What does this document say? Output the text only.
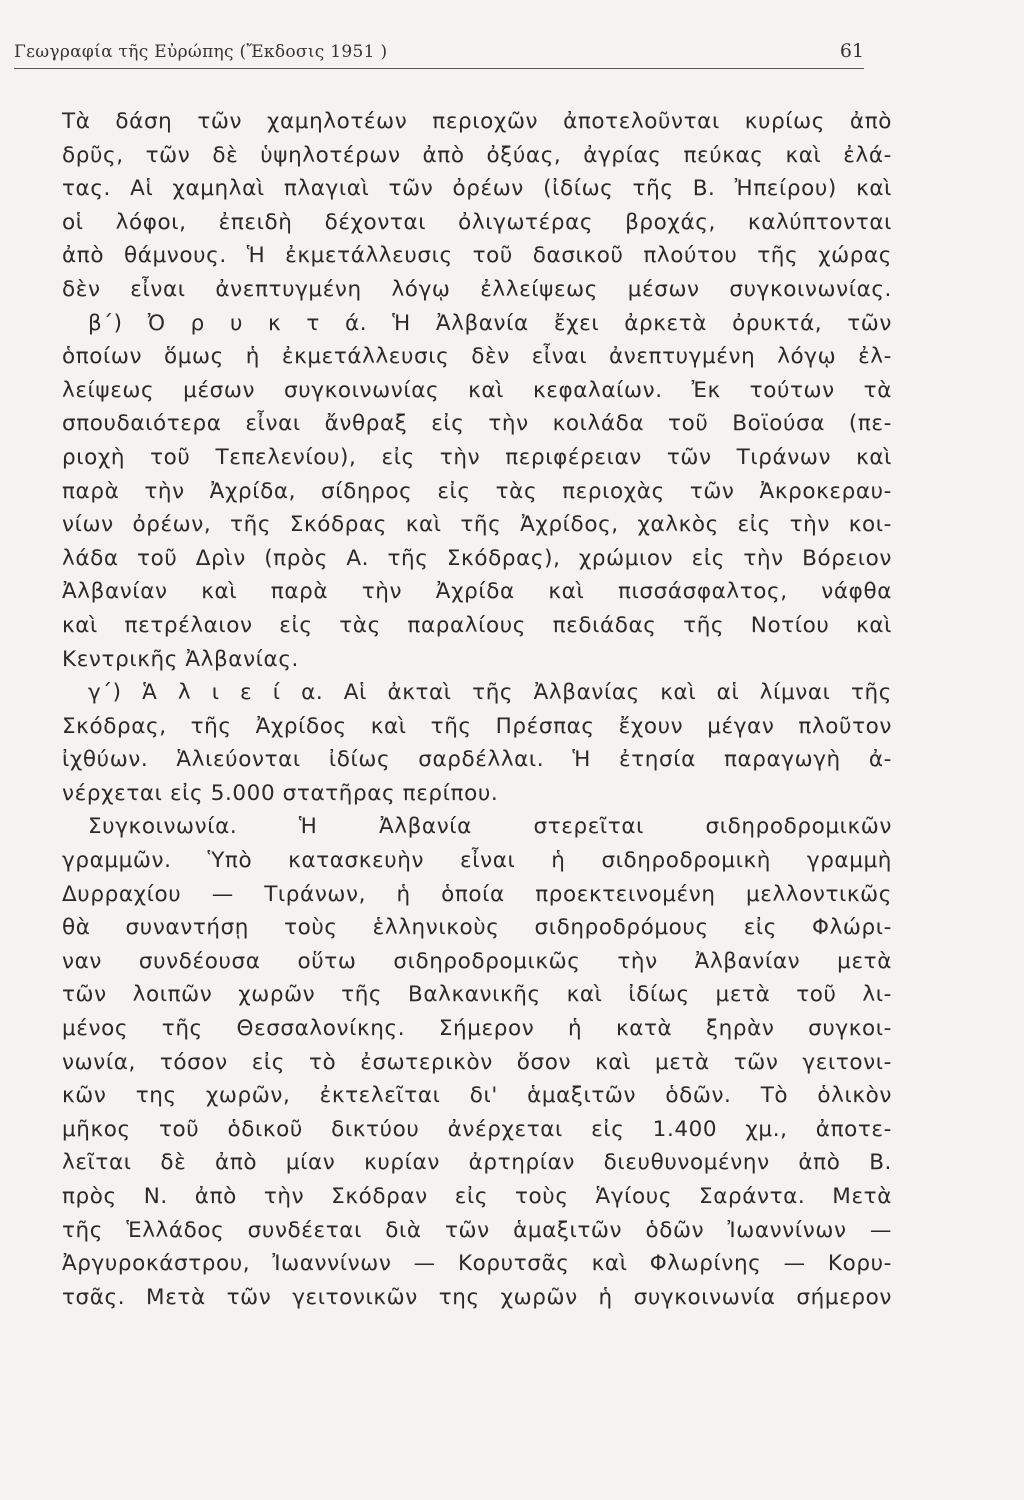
Γεωγραφία τῆς Εὐρώπης (Ἔκδοσις 1951 )	61
Τὰ δάση τῶν χαμηλοτέων περιοχῶν ἀποτελοῦνται κυρίως ἀπὸ
δρῦς, τῶν δὲ ὑψηλοτέρων ἀπὸ ὀξύας, ἀγρίας πεύκας καὶ ἐλά-
τας. Αἱ χαμηλαὶ πλαγιαὶ τῶν ὀρέων (ἰδίως τῆς Β. Ἠπείρου) καὶ
οἱ λόφοι, ἐπειδὴ δέχονται ὀλιγωτέρας βροχάς, καλύπτονται
ἀπὸ θάμνους. Ἡ ἐκμετάλλευσις τοῦ δασικοῦ πλούτου τῆς χώρας
δὲν εἶναι ἀνεπτυγμένη λόγῳ ἐλλείψεως μέσων συγκοινωνίας.
β΄) Ὀ ρ υ κ τ ά. Ἡ Ἀλβανία ἔχει ἀρκετὰ ὀρυκτά, τῶν
ὁποίων ὅμως ἡ ἐκμετάλλευσις δὲν εἶναι ἀνεπτυγμένη λόγῳ ἐλ-
λείψεως μέσων συγκοινωνίας καὶ κεφαλαίων. Ἐκ τούτων τὰ
σπουδαιότερα εἶναι ἄνθραξ εἰς τὴν κοιλάδα τοῦ Βοϊούσα (πε-
ριοχὴ τοῦ Τεπελενίου), εἰς τὴν περιφέρειαν τῶν Τιράνων καὶ
παρὰ τὴν Ἀχρίδα, σίδηρος εἰς τὰς περιοχὰς τῶν Ἀκροκεραυ-
νίων ὀρέων, τῆς Σκόδρας καὶ τῆς Ἀχρίδος, χαλκὸς εἰς τὴν κοι-
λάδα τοῦ Δρὶν (πρὸς Α. τῆς Σκόδρας), χρώμιον εἰς τὴν Βόρειον
Ἀλβανίαν καὶ παρὰ τὴν Ἀχρίδα καὶ πισσάσφαλτος, νάφθα
καὶ πετρέλαιον εἰς τὰς παραλίους πεδιάδας τῆς Νοτίου καὶ
Κεντρικῆς Ἀλβανίας.
γ΄) Ἁ λ ι ε ί α. Αἱ ἀκταὶ τῆς Ἀλβανίας καὶ αἱ λίμναι τῆς
Σκόδρας, τῆς Ἀχρίδος καὶ τῆς Πρέσπας ἔχουν μέγαν πλοῦτον
ἰχθύων. Ἁλιεύονται ἰδίως σαρδέλλαι. Ἡ ἐτησία παραγωγὴ ἀ-
νέρχεται εἰς 5.000 στατῆρας περίπου.
Συγκοινωνία. Ἡ Ἀλβανία στερεῖται σιδηροδρομικῶν
γραμμῶν. Ὑπὸ κατασκευὴν εἶναι ἡ σιδηροδρομικὴ γραμμὴ
Δυρραχίου — Τιράνων, ἡ ὁποία προεκτεινομένη μελλοντικῶς
θὰ συναντήσῃ τοὺς ἑλληνικοὺς σιδηροδρόμους εἰς Φλώρι-
ναν συνδέουσα οὕτω σιδηροδρομικῶς τὴν Ἀλβανίαν μετὰ
τῶν λοιπῶν χωρῶν τῆς Βαλκανικῆς καὶ ἰδίως μετὰ τοῦ λι-
μένος τῆς Θεσσαλονίκης. Σήμερον ἡ κατὰ ξηρὰν συγκοι-
νωνία, τόσον εἰς τὸ ἐσωτερικὸν ὅσον καὶ μετὰ τῶν γειτονι-
κῶν της χωρῶν, ἐκτελεῖται δι' ἁμαξιτῶν ὁδῶν. Τὸ ὁλικὸν
μῆκος τοῦ ὁδικοῦ δικτύου ἀνέρχεται εἰς 1.400 χμ., ἀποτε-
λεῖται δὲ ἀπὸ μίαν κυρίαν ἀρτηρίαν διευθυνομένην ἀπὸ Β.
πρὸς Ν. ἀπὸ τὴν Σκόδραν εἰς τοὺς Ἁγίους Σαράντα. Μετὰ
τῆς Ἑλλάδος συνδέεται διὰ τῶν ἁμαξιτῶν ὁδῶν Ἰωαννίνων —
Ἀργυροκάστρου, Ἰωαννίνων — Κορυτσᾶς καὶ Φλωρίνης — Κορυ-
τσᾶς. Μετὰ τῶν γειτονικῶν της χωρῶν ἡ συγκοινωνία σήμερον
